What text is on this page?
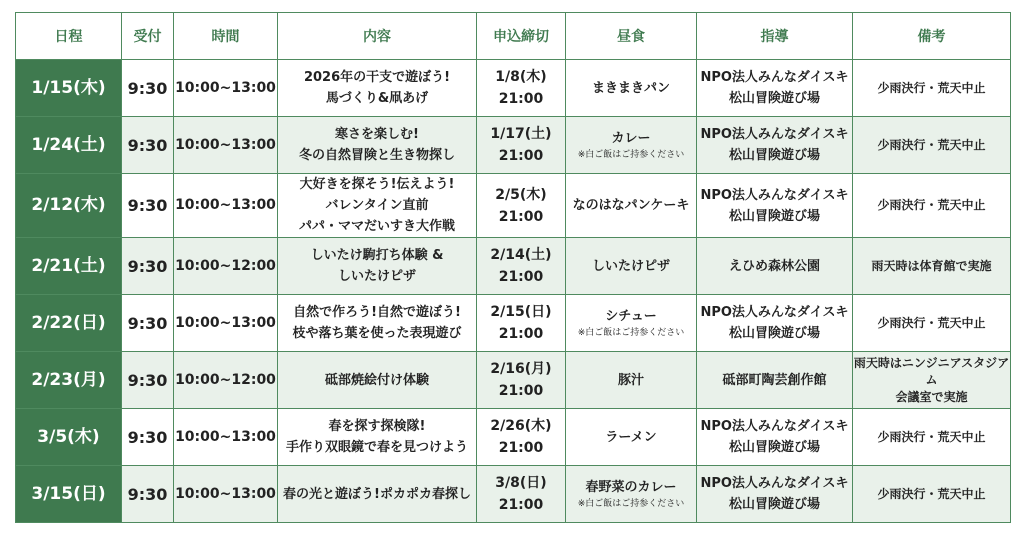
日程	受付	時間	内容	申込締切	昼食	指導	備考
1/15(木)	9:30	10:00~13:00	2026年の干支で遊ぼう!
馬づくり&凧あげ	1/8(木)
21:00	まきまきパン	NPO法人みんなダイスキ
松山冒険遊び場	少雨決行・荒天中止

1/24(土)	9:30	10:00~13:00	寒さを楽しむ!
冬の自然冒険と生き物探し	1/17(土)
21:00	カレー
※白ご飯はご持参ください	NPO法人みんなダイスキ
松山冒険遊び場	少雨決行・荒天中止

2/12(木)	9:30	10:00~13:00	大好きを探そう!伝えよう!
バレンタイン直前
パパ・ママだいすき大作戦	2/5(木)
21:00	なのはなパンケーキ	NPO法人みんなダイスキ
松山冒険遊び場	少雨決行・荒天中止

2/21(土)	9:30	10:00~12:00	しいたけ駒打ち体験 &
しいたけピザ	2/14(土)
21:00	しいたけピザ	えひめ森林公園	雨天時は体育館で実施

2/22(日)	9:30	10:00~13:00	自然で作ろう!自然で遊ぼう!
枝や落ち葉を使った表現遊び	2/15(日)
21:00	シチュー
※白ご飯はご持参ください	NPO法人みんなダイスキ
松山冒険遊び場	少雨決行・荒天中止

2/23(月)	9:30	10:00~12:00	砥部焼絵付け体験	2/16(月)
21:00	豚汁	砥部町陶芸創作館	雨天時はニンジニアスタジアム
会議室で実施

3/5(木)	9:30	10:00~13:00	春を探す探検隊!
手作り双眼鏡で春を見つけよう	2/26(木)
21:00	ラーメン	NPO法人みんなダイスキ
松山冒険遊び場	少雨決行・荒天中止

3/15(日)	9:30	10:00~13:00	春の光と遊ぼう!ポカポカ春探し	3/8(日)
21:00	春野菜のカレー
※白ご飯はご持参ください	NPO法人みんなダイスキ
松山冒険遊び場	少雨決行・荒天中止
